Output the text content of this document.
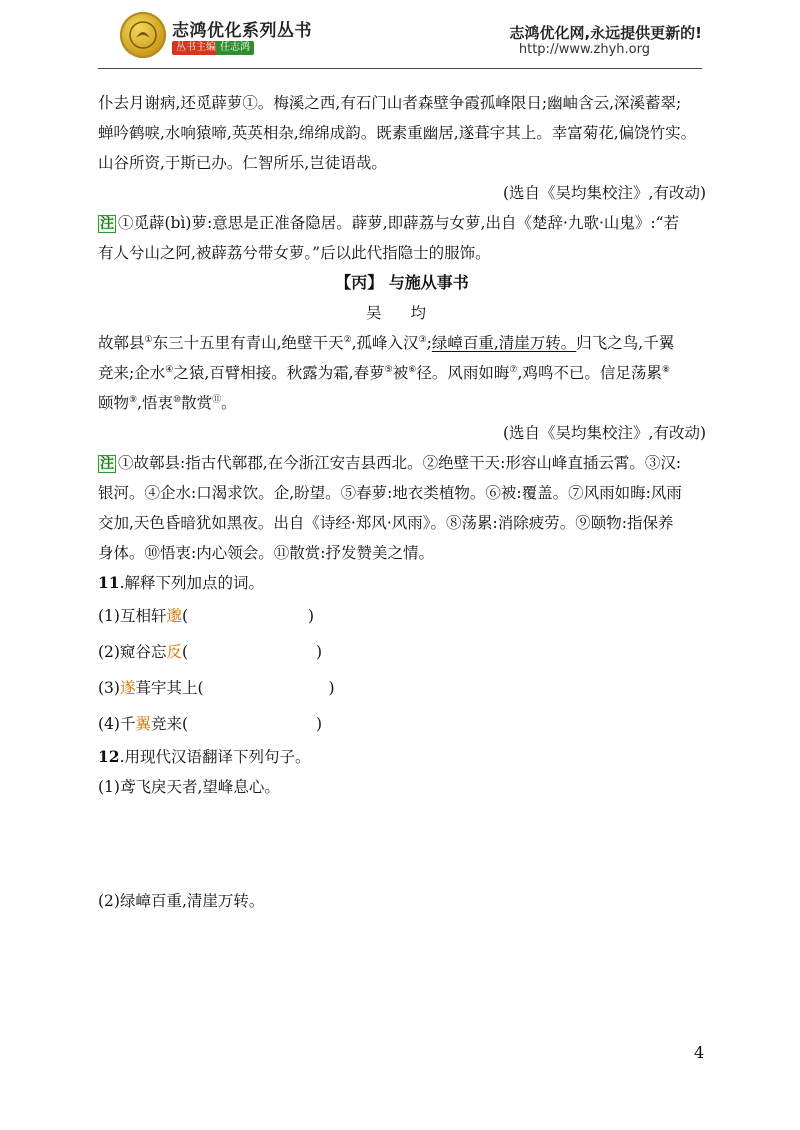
志鸿优化系列丛书
丛书主编 任志鸿
志鸿优化网,永远提供更新的!
http://www.zhyh.org
仆去月谢病,还觅薜萝①。梅溪之西,有石门山者森壁争霞孤峰限日;幽岫含云,深溪蓄翠;
蝉吟鹤唳,水响猿啼,英英相杂,绵绵成韵。既素重幽居,遂葺宇其上。幸富菊花,偏饶竹实。
山谷所资,于斯已办。仁智所乐,岂徒语哉。
(选自《吴均集校注》,有改动)
注 ①觅薜(bì)萝:意思是正准备隐居。薜萝,即薜荔与女萝,出自《楚辞·九歌·山鬼》:“若
有人兮山之阿,被薜荔兮带女萝。”后以此代指隐士的服饰。
【丙】 与施从事书
吴 均
故鄣县①东三十五里有青山,绝壁干天②,孤峰入汉③;绿嶂百重,清崖万转。归飞之鸟,千翼
竞来;企水④之猿,百臂相接。秋露为霜,春萝⑤被⑥径。风雨如晦⑦,鸡鸣不已。信足荡累⑧
颐物⑨,悟衷⑩散赏⑪。
(选自《吴均集校注》,有改动)
注 ①故鄣县:指古代鄣郡,在今浙江安吉县西北。②绝壁干天:形容山峰直插云霄。③汉:
银河。④企水:口渴求饮。企,盼望。⑤春萝:地衣类植物。⑥被:覆盖。⑦风雨如晦:风雨
交加,天色昏暗犹如黑夜。出自《诗经·郑风·风雨》。⑧荡累:消除疲劳。⑨颐物:指保养
身体。⑩悟衷:内心领会。⑪散赏:抒发赞美之情。
11.解释下列加点的词。
(1)互相轩· 邈(	)
(2)窥谷忘· 反(	)
(3)· 遂葺宇其上(	)
(4)千· 翼竞来(	)
12.用现代汉语翻译下列句子。
(1)鸢飞戾天者,望峰息心。
(2)绿嶂百重,清崖万转。
4
